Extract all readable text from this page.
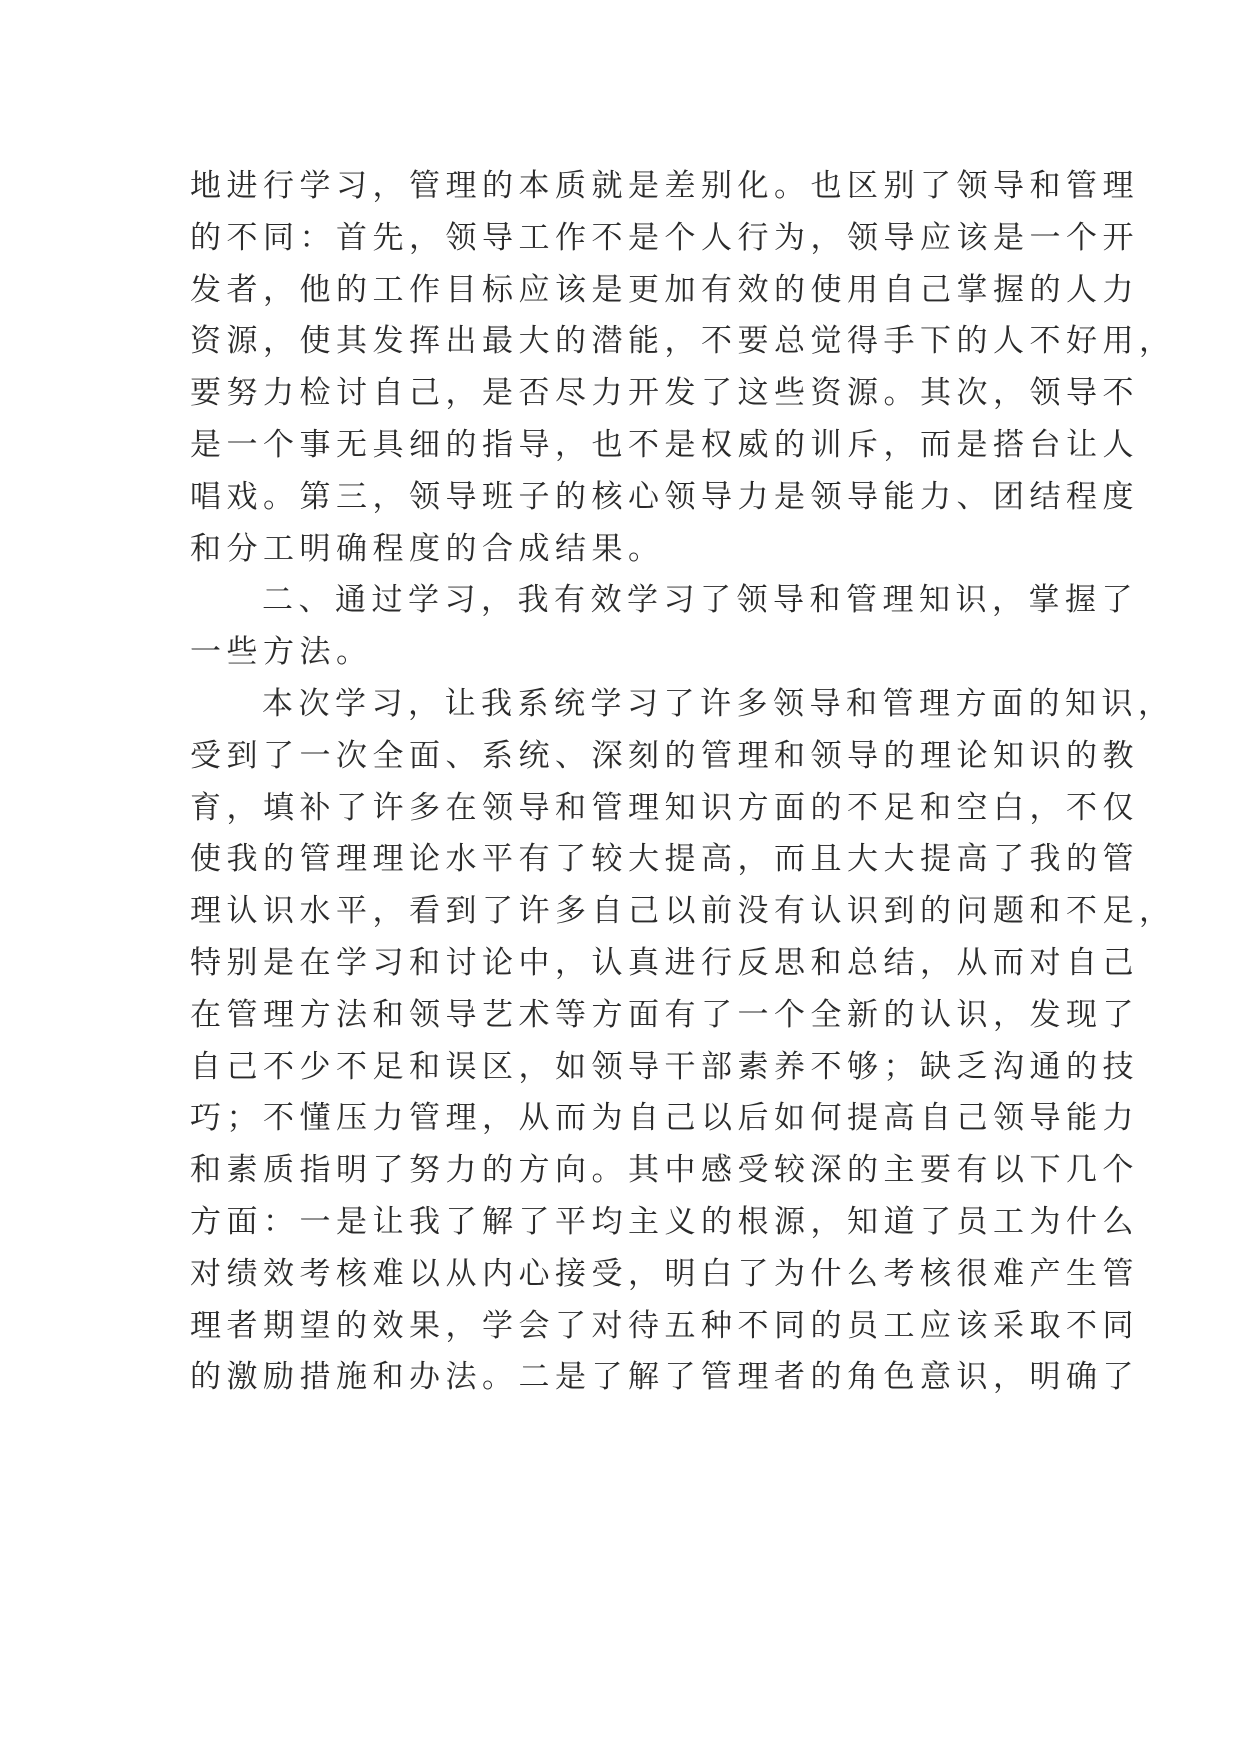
地进行学习，管理的本质就是差别化。也区别了领导和管理
的不同：首先，领导工作不是个人行为，领导应该是一个开
发者，他的工作目标应该是更加有效的使用自己掌握的人力
资源，使其发挥出最大的潜能，不要总觉得手下的人不好用，
要努力检讨自己，是否尽力开发了这些资源。其次，领导不
是一个事无具细的指导，也不是权威的训斥，而是搭台让人
唱戏。第三，领导班子的核心领导力是领导能力、团结程度
和分工明确程度的合成结果。
二、通过学习，我有效学习了领导和管理知识，掌握了
一些方法。
本次学习，让我系统学习了许多领导和管理方面的知识，
受到了一次全面、系统、深刻的管理和领导的理论知识的教
育，填补了许多在领导和管理知识方面的不足和空白，不仅
使我的管理理论水平有了较大提高，而且大大提高了我的管
理认识水平，看到了许多自己以前没有认识到的问题和不足，
特别是在学习和讨论中，认真进行反思和总结，从而对自己
在管理方法和领导艺术等方面有了一个全新的认识，发现了
自己不少不足和误区，如领导干部素养不够；缺乏沟通的技
巧；不懂压力管理，从而为自己以后如何提高自己领导能力
和素质指明了努力的方向。其中感受较深的主要有以下几个
方面：一是让我了解了平均主义的根源，知道了员工为什么
对绩效考核难以从内心接受，明白了为什么考核很难产生管
理者期望的效果，学会了对待五种不同的员工应该采取不同
的激励措施和办法。二是了解了管理者的角色意识，明确了
